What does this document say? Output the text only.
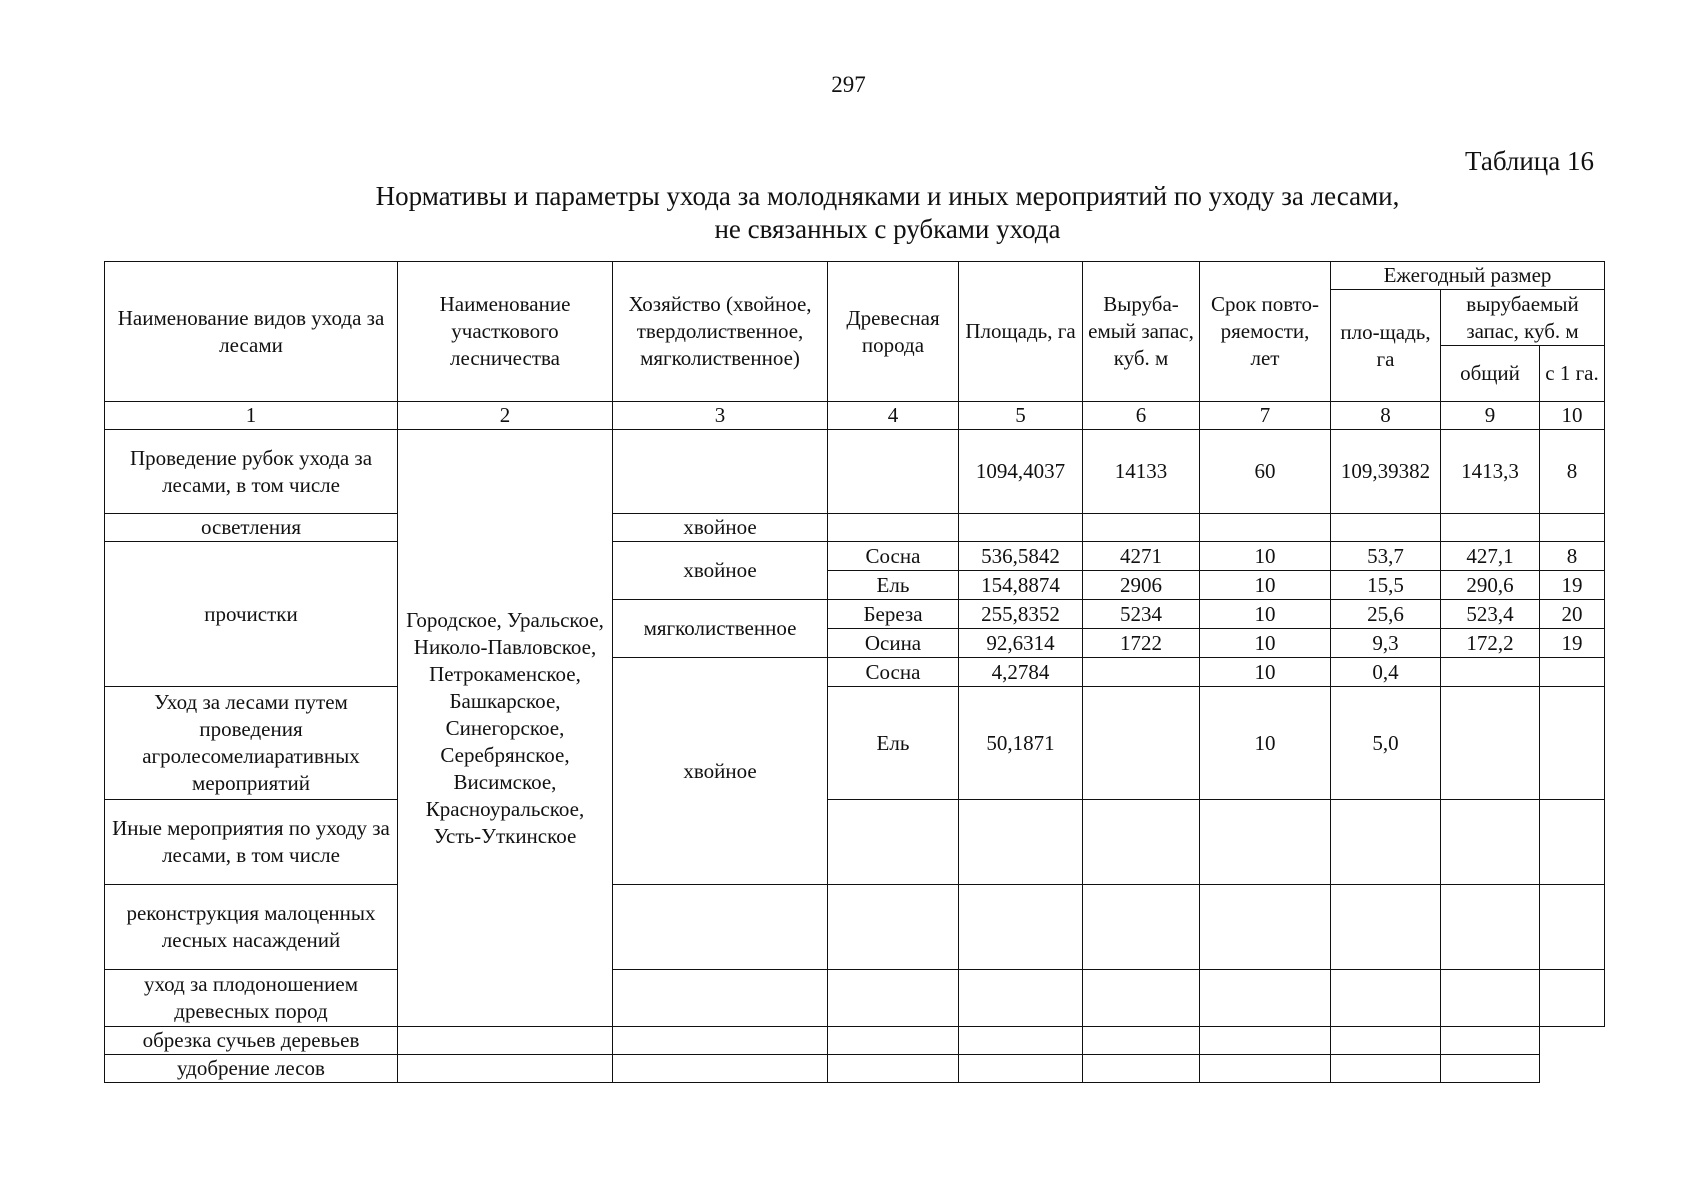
297
Таблица 16
Нормативы и параметры ухода за молодняками и иных мероприятий по уходу за лесами,
не связанных с рубками ухода
Наименование видов ухода за лесами	Наименование участкового лесничества	Хозяйство (хвойное, твердолиственное, мягколиственное)	Древесная порода	Площадь, га	Выруба-емый запас, куб. м	Срок повто-ряемости, лет	Ежегодный размер		
							пло-щадь, га	вырубаемый запас, куб. м	
								общий	с 1 га.
1	2	3	4	5	6	7	8	9	10
Проведение рубок ухода за лесами, в том числе	Городское, Уральское, Николо-Павловское, Петрокаменское, Башкарское, Синегорское, Серебрянское, Висимское, Красноуральское, Усть-Уткинское			1094,4037	14133	60	109,39382	1413,3	8
осветления		хвойное							
прочистки		хвойное	Сосна	536,5842	4271	10	53,7	427,1	8
			Ель	154,8874	2906	10	15,5	290,6	19
		мягколиственное	Береза	255,8352	5234	10	25,6	523,4	20
			Осина	92,6314	1722	10	9,3	172,2	19
		хвойное	Сосна	4,2784		10	0,4		
Уход за лесами путем проведения агролесомелиаративных мероприятий			Ель	50,1871		10	5,0		
Иные мероприятия по уходу за лесами, в том числе									
реконструкция малоценных лесных насаждений									
уход за плодоношением древесных пород									
обрезка сучьев деревьев									
удобрение лесов									
